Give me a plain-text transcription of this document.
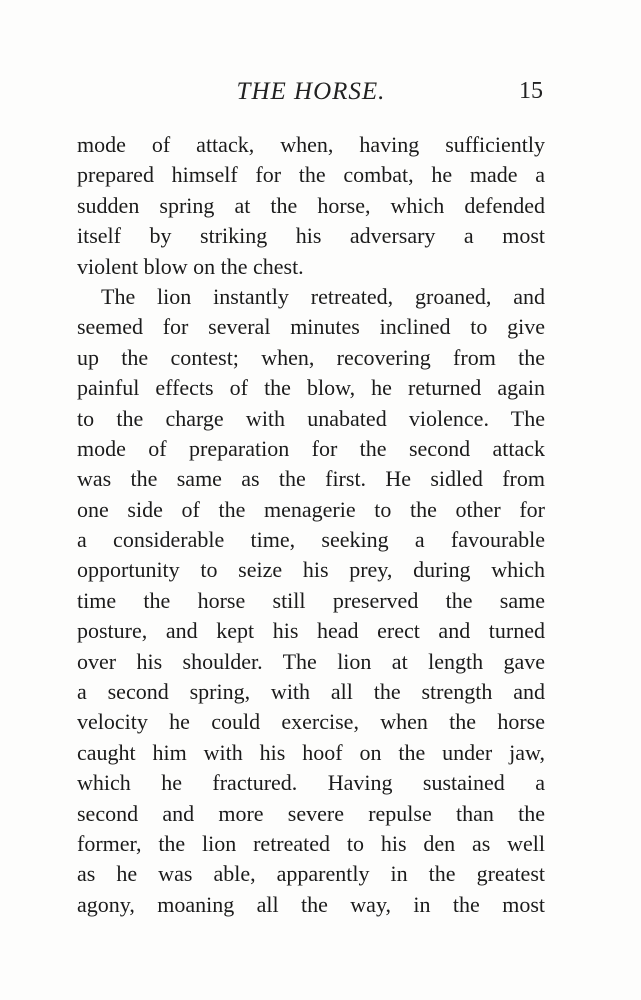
THE HORSE.	15
mode of attack, when, having sufficiently
prepared himself for the combat, he made a
sudden spring at the horse, which defended
itself by striking his adversary a most
violent blow on the chest.
The lion instantly retreated, groaned, and
seemed for several minutes inclined to give
up the contest; when, recovering from the
painful effects of the blow, he returned again
to the charge with unabated violence. The
mode of preparation for the second attack
was the same as the first. He sidled from
one side of the menagerie to the other for
a considerable time, seeking a favourable
opportunity to seize his prey, during which
time the horse still preserved the same
posture, and kept his head erect and turned
over his shoulder. The lion at length gave
a second spring, with all the strength and
velocity he could exercise, when the horse
caught him with his hoof on the under jaw,
which he fractured. Having sustained a
second and more severe repulse than the
former, the lion retreated to his den as well
as he was able, apparently in the greatest
agony, moaning all the way, in the most
